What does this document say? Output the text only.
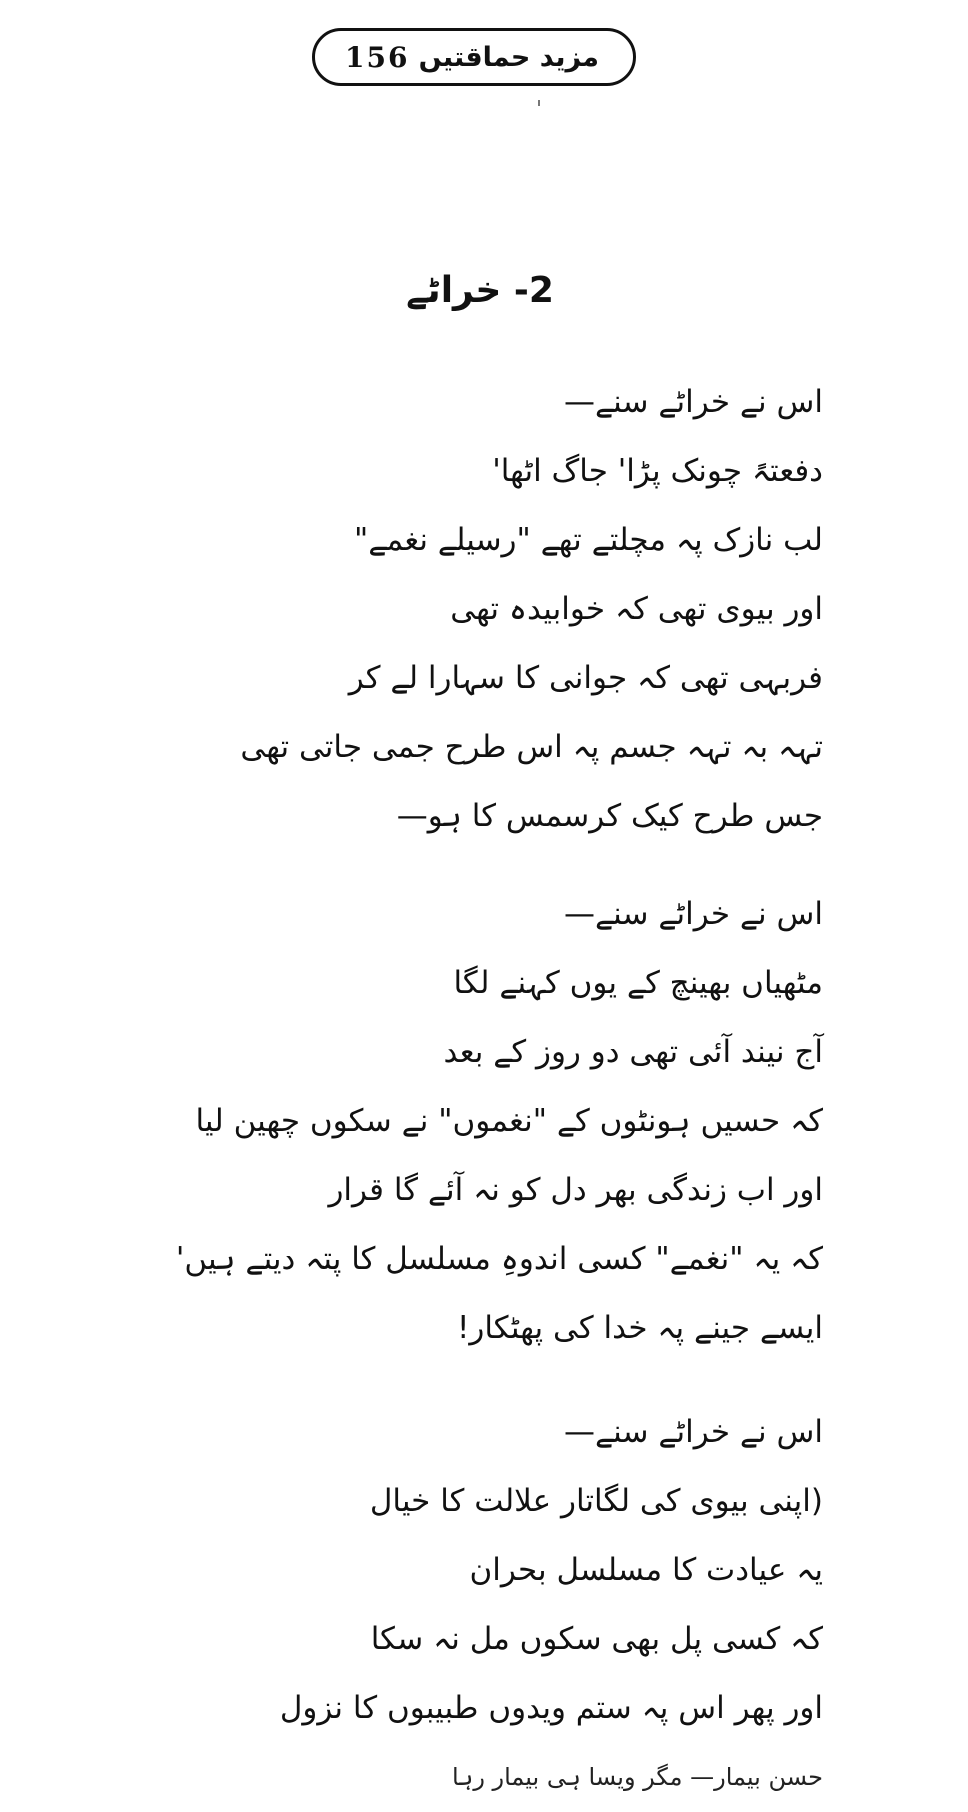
156 مزید حماقتیں
2- خراٹے
اس نے خراٹے سنے—
دفعتہً چونک پڑا' جاگ اٹھا'
لب نازک پہ مچلتے تھے "رسیلے نغمے"
اور بیوی تھی کہ خوابیدہ تھی
فربہی تھی کہ جوانی کا سہارا لے کر
تہہ بہ تہہ جسم پہ اس طرح جمی جاتی تھی
جس طرح کیک کرسمس کا ہو—
اس نے خراٹے سنے—
مٹھیاں بھینچ کے یوں کہنے لگا
آج نیند آئی تھی دو روز کے بعد
کہ حسیں ہونٹوں کے "نغموں" نے سکوں چھین لیا
اور اب زندگی بھر دل کو نہ آئے گا قرار
کہ یہ "نغمے" کسی اندوہِ مسلسل کا پتہ دیتے ہیں'
ایسے جینے پہ خدا کی پھٹکار!
اس نے خراٹے سنے—
(اپنی بیوی کی لگاتار علالت کا خیال
یہ عیادت کا مسلسل بحران
کہ کسی پل بھی سکوں مل نہ سکا
اور پھر اس پہ ستم ویدوں طبیبوں کا نزول
حسن بیمار— مگر ویسا ہی بیمار رہا
